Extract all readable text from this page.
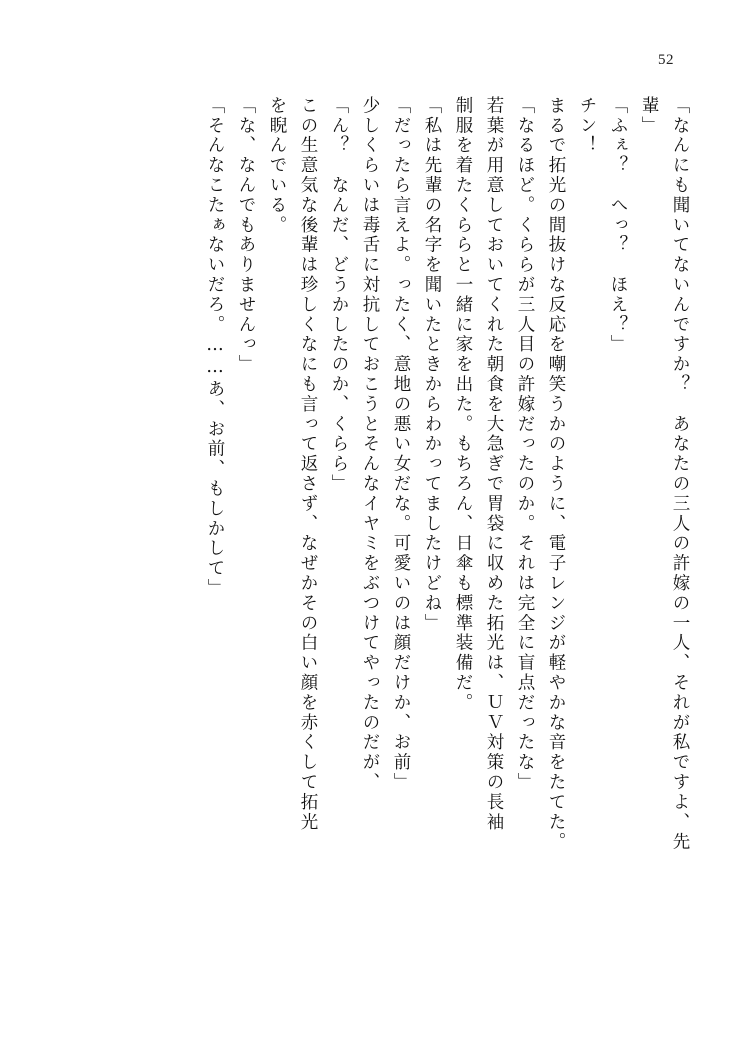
52
「なんにも聞いてないんですか？　あなたの三人の許嫁の一人、それが私ですよ、先
輩」
「ふぇ？　へっ？　ほえ？」
チン！
まるで拓光の間抜けな反応を嘲笑うかのように、電子レンジが軽やかな音をたてた。
「なるほど。くららが三人目の許嫁だったのか。それは完全に盲点だったな」
若葉が用意しておいてくれた朝食を大急ぎで胃袋に収めた拓光は、ＵＶ対策の長袖
制服を着たくららと一緒に家を出た。もちろん、日傘も標準装備だ。
「私は先輩の名字を聞いたときからわかってましたけどね」
「だったら言えよ。ったく、意地の悪い女だな。可愛いのは顔だけか、お前」
少しくらいは毒舌に対抗しておこうとそんなイヤミをぶつけてやったのだが、
「ん？　なんだ、どうかしたのか、くらら」
この生意気な後輩は珍しくなにも言って返さず、なぜかその白い顔を赤くして拓光
を睨んでいる。
「な、なんでもありませんっ」
「そんなこたぁないだろ。……あ、お前、もしかして」
